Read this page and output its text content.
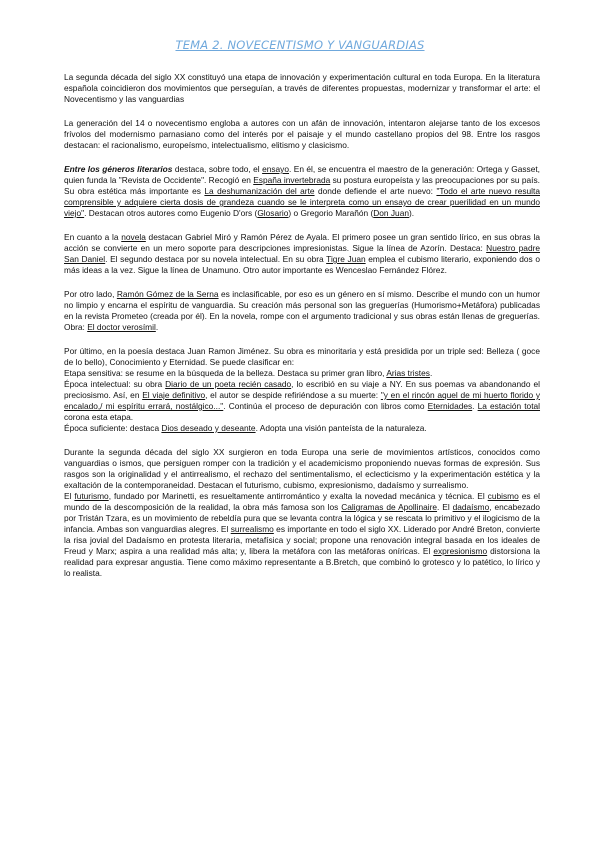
TEMA 2. NOVECENTISMO Y VANGUARDIAS

La segunda década del siglo XX constituyó una etapa de innovación y experimentación cultural en toda Europa. En la literatura española coincidieron dos movimientos que perseguían, a través de diferentes propuestas, modernizar y transformar el arte: el Novecentismo y las vanguardias

La generación del 14 o novecentismo engloba a autores con un afán de innovación, intentaron alejarse tanto de los excesos frívolos del modernismo parnasiano como del interés por el paisaje y el mundo castellano propios del 98. Entre los rasgos destacan: el racionalismo, europeísmo, intelectualismo, elitismo y clasicismo.

Entre los géneros literarios destaca, sobre todo, el ensayo. En él, se encuentra el maestro de la generación: Ortega y Gasset, quien funda la "Revista de Occidente". Recogió en España invertebrada su postura europeísta y las preocupaciones por su país. Su obra estética más importante es La deshumanización del arte donde defiende el arte nuevo: "Todo el arte nuevo resulta comprensible y adquiere cierta dosis de grandeza cuando se le interpreta como un ensayo de crear puerilidad en un mundo viejo". Destacan otros autores como Eugenio D'ors (Glosario) o Gregorio Marañón (Don Juan).

En cuanto a la novela destacan Gabriel Miró y Ramón Pérez de Ayala. El primero posee un gran sentido lírico, en sus obras la acción se convierte en un mero soporte para descripciones impresionistas. Sigue la línea de Azorín. Destaca: Nuestro padre San Daniel. El segundo destaca por su novela intelectual. En su obra Tigre Juan emplea el cubismo literario, exponiendo dos o más ideas a la vez. Sigue la línea de Unamuno. Otro autor importante es Wenceslao Fernández Flórez.

Por otro lado, Ramón Gómez de la Serna es inclasificable, por eso es un género en sí mismo. Describe el mundo con un humor no limpio y encarna el espíritu de vanguardia. Su creación más personal son las greguerías (Humorismo+Metáfora) publicadas en la revista Prometeo (creada por él). En la novela, rompe con el argumento tradicional y sus obras están llenas de greguerías. Obra: El doctor verosímil.

Por último, en la poesía destaca Juan Ramon Jiménez. Su obra es minoritaria y está presidida por un triple sed: Belleza ( goce de lo bello), Conocimiento y Eternidad. Se puede clasificar en:

Etapa sensitiva: se resume en la búsqueda de la belleza. Destaca su primer gran libro, Arias tristes.

Época intelectual: su obra Diario de un poeta recién casado, lo escribió en su viaje a NY. En sus poemas va abandonando el preciosismo. Así, en El viaje definitivo, el autor se despide refiriéndose a su muerte: "y en el rincón aquel de mi huerto florido y encalado,/ mi espíritu errará, nostálgico...". Continúa el proceso de depuración con libros como Eternidades. La estación total corona esta etapa.

Época suficiente: destaca Dios deseado y deseante. Adopta una visión panteísta de la naturaleza.

Durante la segunda década del siglo XX surgieron en toda Europa una serie de movimientos artísticos, conocidos como vanguardias o ismos, que persiguen romper con la tradición y el academicismo proponiendo nuevas formas de expresión. Sus rasgos son la originalidad y el antirrealismo, el rechazo del sentimentalismo, el eclecticismo y la experimentación estética y la exaltación de la contemporaneidad. Destacan el futurismo, cubismo, expresionismo, dadaísmo y surrealismo.

El futurismo, fundado por Marinetti, es resueltamente antirromántico y exalta la novedad mecánica y técnica. El cubismo es el mundo de la descomposición de la realidad, la obra más famosa son los Caligramas de Apollinaire. El dadaísmo, encabezado por Tristán Tzara, es un movimiento de rebeldía pura que se levanta contra la lógica y se rescata lo primitivo y el ilogicismo de la infancia. Ambas son vanguardias alegres. El surrealismo es importante en todo el siglo XX. Liderado por André Breton, convierte la risa jovial del Dadaísmo en protesta literaria, metafísica y social; propone una renovación integral basada en los ideales de Freud y Marx; aspira a una realidad más alta; y, libera la metáfora con las metáforas oníricas. El expresionismo distorsiona la realidad para expresar angustia. Tiene como máximo representante a B.Bretch, que combinó lo grotesco y lo patético, lo lírico y lo realista.
